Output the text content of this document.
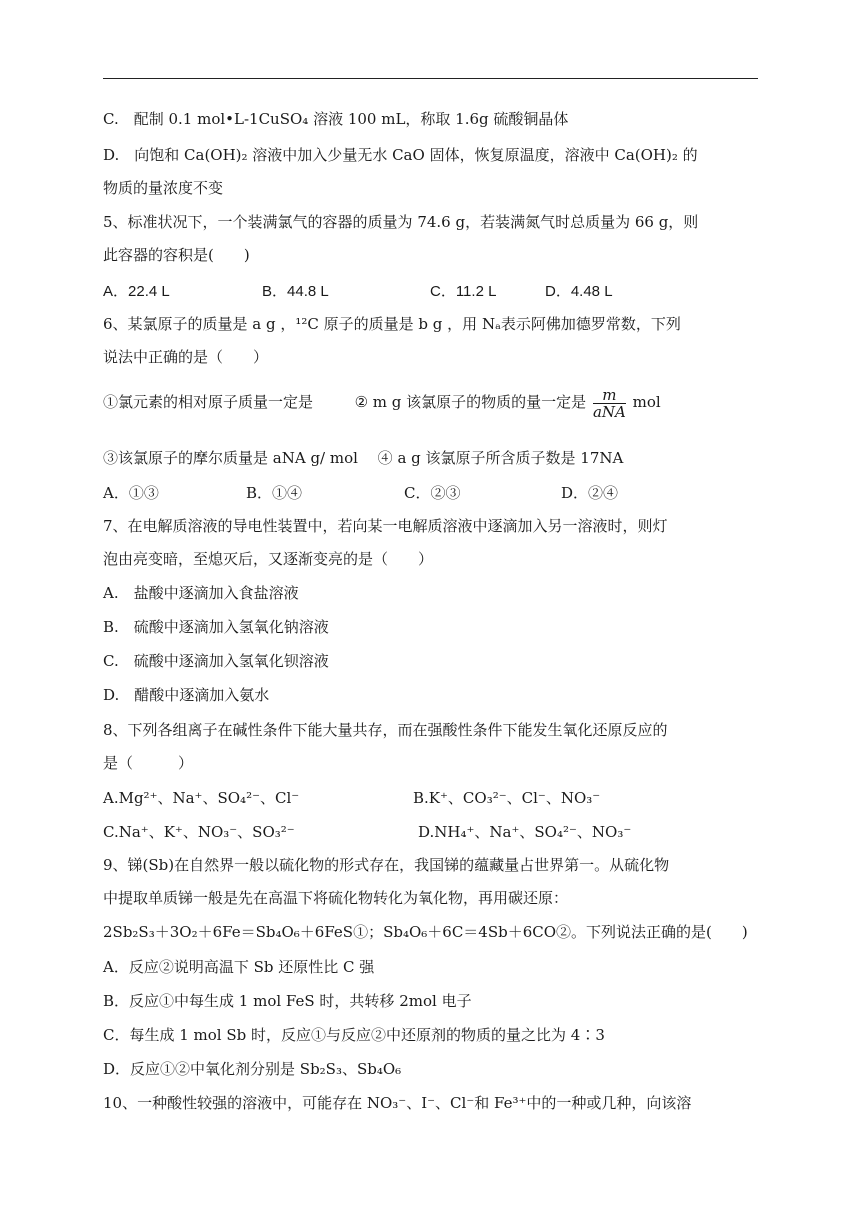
C.　配制 0.1 mol•L-1CuSO₄ 溶液 100 mL，称取 1.6g 硫酸铜晶体
D.　向饱和 Ca(OH)₂ 溶液中加入少量无水 CaO 固体，恢复原温度，溶液中 Ca(OH)₂ 的
物质的量浓度不变
5、标准状况下，一个装满氯气的容器的质量为 74.6 g，若装满氮气时总质量为 66 g，则
此容器的容积是(　　)
A．22.4 L	B．44.8 L	C．11.2 L	D．4.48 L
6、某氯原子的质量是 a g ，¹²C 原子的质量是 b g ，用 Nₐ表示阿佛加德罗常数，下列
说法中正确的是（　　）
①氯元素的相对原子质量一定是	② m g 该氯原子的物质的量一定是 $\frac{m}{\text{aNA}}$ mol
③该氯原子的摩尔质量是 aNA g/ mol　 ④ a g 该氯原子所含质子数是 17NA
A．①③	B．①④	C．②③	D．②④
7、在电解质溶液的导电性装置中，若向某一电解质溶液中逐滴加入另一溶液时，则灯
泡由亮变暗，至熄灭后，又逐渐变亮的是（　　）
A.　盐酸中逐滴加入食盐溶液
B.　硫酸中逐滴加入氢氧化钠溶液
C.　硫酸中逐滴加入氢氧化钡溶液
D.　醋酸中逐滴加入氨水
8、下列各组离子在碱性条件下能大量共存，而在强酸性条件下能发生氧化还原反应的
是（　　　）
A.Mg²⁺、Na⁺、SO₄²⁻、Cl⁻	B.K⁺、CO₃²⁻、Cl⁻、NO₃⁻
C.Na⁺、K⁺、NO₃⁻、SO₃²⁻	D.NH₄⁺、Na⁺、SO₄²⁻、NO₃⁻
9、锑(Sb)在自然界一般以硫化物的形式存在，我国锑的蕴藏量占世界第一。从硫化物
中提取单质锑一般是先在高温下将硫化物转化为氧化物，再用碳还原：
2Sb₂S₃＋3O₂＋6Fe＝Sb₄O₆＋6FeS①；Sb₄O₆＋6C＝4Sb＋6CO②。下列说法正确的是(　　)
A．反应②说明高温下 Sb 还原性比 C 强
B．反应①中每生成 1 mol FeS 时，共转移 2mol 电子
C．每生成 1 mol Sb 时，反应①与反应②中还原剂的物质的量之比为 4∶3
D．反应①②中氧化剂分别是 Sb₂S₃、Sb₄O₆
10、一种酸性较强的溶液中，可能存在 NO₃⁻、I⁻、Cl⁻和 Fe³⁺中的一种或几种，向该溶
